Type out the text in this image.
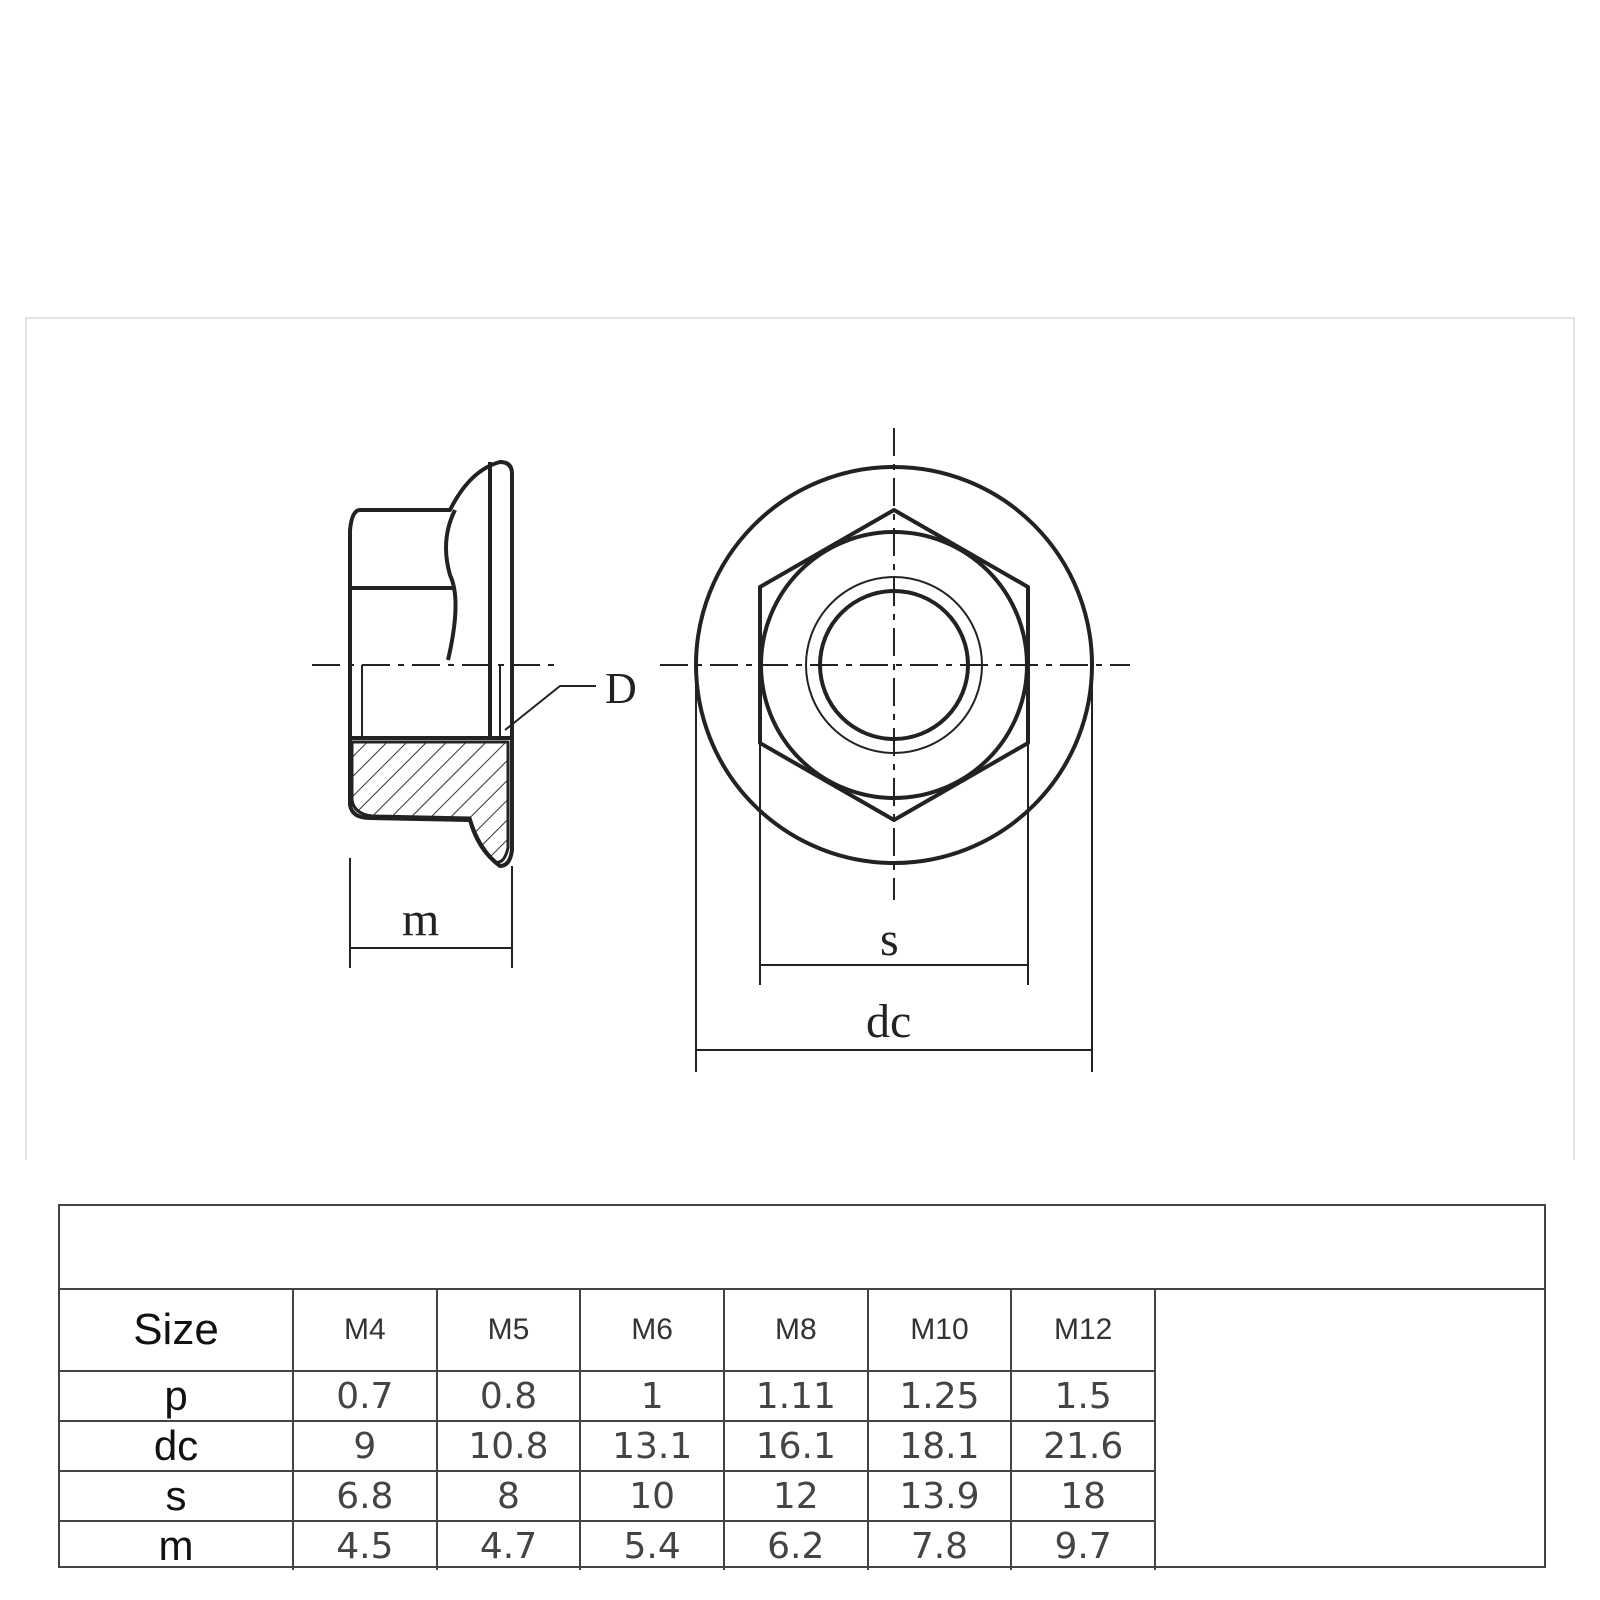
D
m	s
dc
Size	M4	M5	M6	M8	M10	M12
p	0.7	0.8	1	1.11	1.25	1.5
dc	9	10.8	13.1	16.1	18.1	21.6
s	6.8	8	10	12	13.9	18
m	4.5	4.7	5.4	6.2	7.8	9.7
